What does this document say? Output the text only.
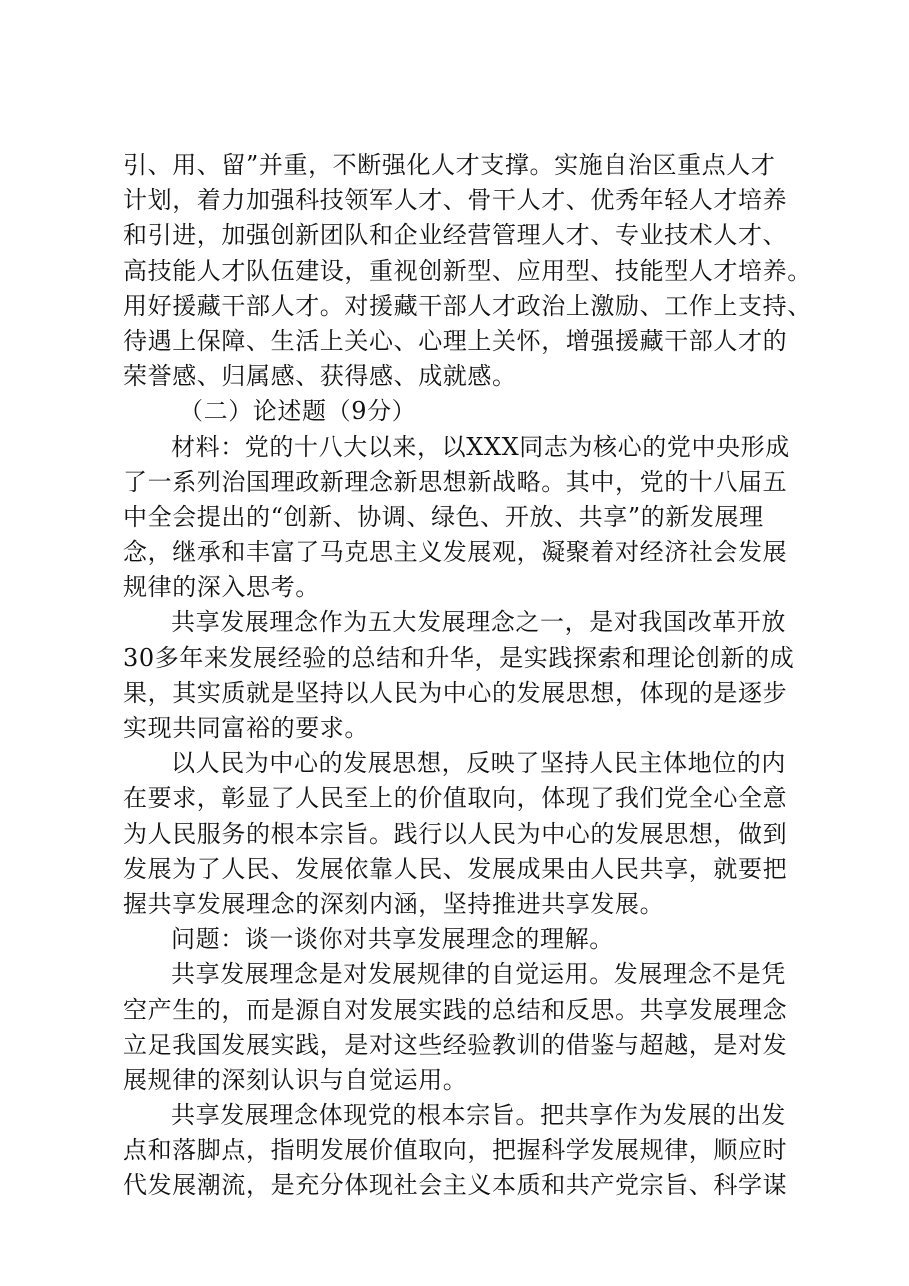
引、用、留”并重，不断强化人才支撑。实施自治区重点人才
计划，着力加强科技领军人才、骨干人才、优秀年轻人才培养
和引进，加强创新团队和企业经营管理人才、专业技术人才、
高技能人才队伍建设，重视创新型、应用型、技能型人才培养。
用好援藏干部人才。对援藏干部人才政治上激励、工作上支持、
待遇上保障、生活上关心、心理上关怀，增强援藏干部人才的
荣誉感、归属感、获得感、成就感。
（二）论述题（9分）
材料：党的十八大以来，以XXX同志为核心的党中央形成
了一系列治国理政新理念新思想新战略。其中，党的十八届五
中全会提出的“创新、协调、绿色、开放、共享”的新发展理
念，继承和丰富了马克思主义发展观，凝聚着对经济社会发展
规律的深入思考。
共享发展理念作为五大发展理念之一，是对我国改革开放
30多年来发展经验的总结和升华，是实践探索和理论创新的成
果，其实质就是坚持以人民为中心的发展思想，体现的是逐步
实现共同富裕的要求。
以人民为中心的发展思想，反映了坚持人民主体地位的内
在要求，彰显了人民至上的价值取向，体现了我们党全心全意
为人民服务的根本宗旨。践行以人民为中心的发展思想，做到
发展为了人民、发展依靠人民、发展成果由人民共享，就要把
握共享发展理念的深刻内涵，坚持推进共享发展。
问题：谈一谈你对共享发展理念的理解。
共享发展理念是对发展规律的自觉运用。发展理念不是凭
空产生的，而是源自对发展实践的总结和反思。共享发展理念
立足我国发展实践，是对这些经验教训的借鉴与超越，是对发
展规律的深刻认识与自觉运用。
共享发展理念体现党的根本宗旨。把共享作为发展的出发
点和落脚点，指明发展价值取向，把握科学发展规律，顺应时
代发展潮流，是充分体现社会主义本质和共产党宗旨、科学谋
